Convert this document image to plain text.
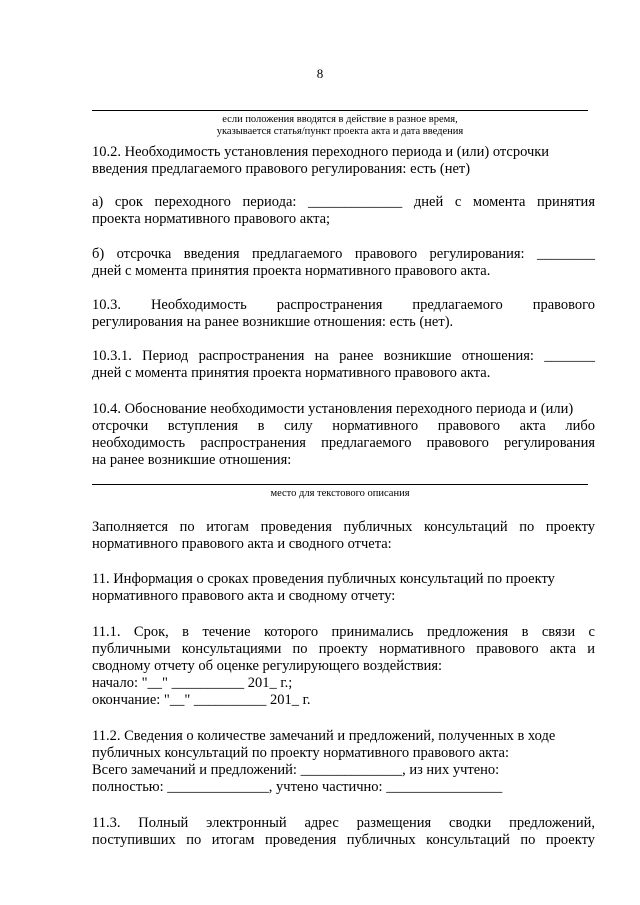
8
если положения вводятся в действие в разное время,
указывается статья/пункт проекта акта и дата введения
10.2. Необходимость установления переходного периода и (или) отсрочки
введения предлагаемого правового регулирования: есть (нет)
а) срок переходного периода: _____________ дней с момента принятия
проекта нормативного правового акта;
б) отсрочка введения предлагаемого правового регулирования: ________
дней с момента принятия проекта нормативного правового акта.
10.3. Необходимость распространения предлагаемого правового
регулирования на ранее возникшие отношения: есть (нет).
10.3.1. Период распространения на ранее возникшие отношения: _______
дней с момента принятия проекта нормативного правового акта.
10.4. Обоснование необходимости установления переходного периода и (или)
отсрочки вступления в силу нормативного правового акта либо
необходимость распространения предлагаемого правового регулирования
на ранее возникшие отношения:
место для текстового описания
Заполняется по итогам проведения публичных консультаций по проекту
нормативного правового акта и сводного отчета:
11. Информация о сроках проведения публичных консультаций по проекту
нормативного правового акта и сводному отчету:
11.1. Срок, в течение которого принимались предложения в связи с
публичными консультациями по проекту нормативного правового акта и
сводному отчету об оценке регулирующего воздействия:
начало: "__" __________ 201_ г.;
окончание: "__" __________ 201_ г.
11.2. Сведения о количестве замечаний и предложений, полученных в ходе
публичных консультаций по проекту нормативного правового акта:
Всего замечаний и предложений: ______________, из них учтено:
полностью: ______________, учтено частично: ________________
11.3. Полный электронный адрес размещения сводки предложений,
поступивших по итогам проведения публичных консультаций по проекту
